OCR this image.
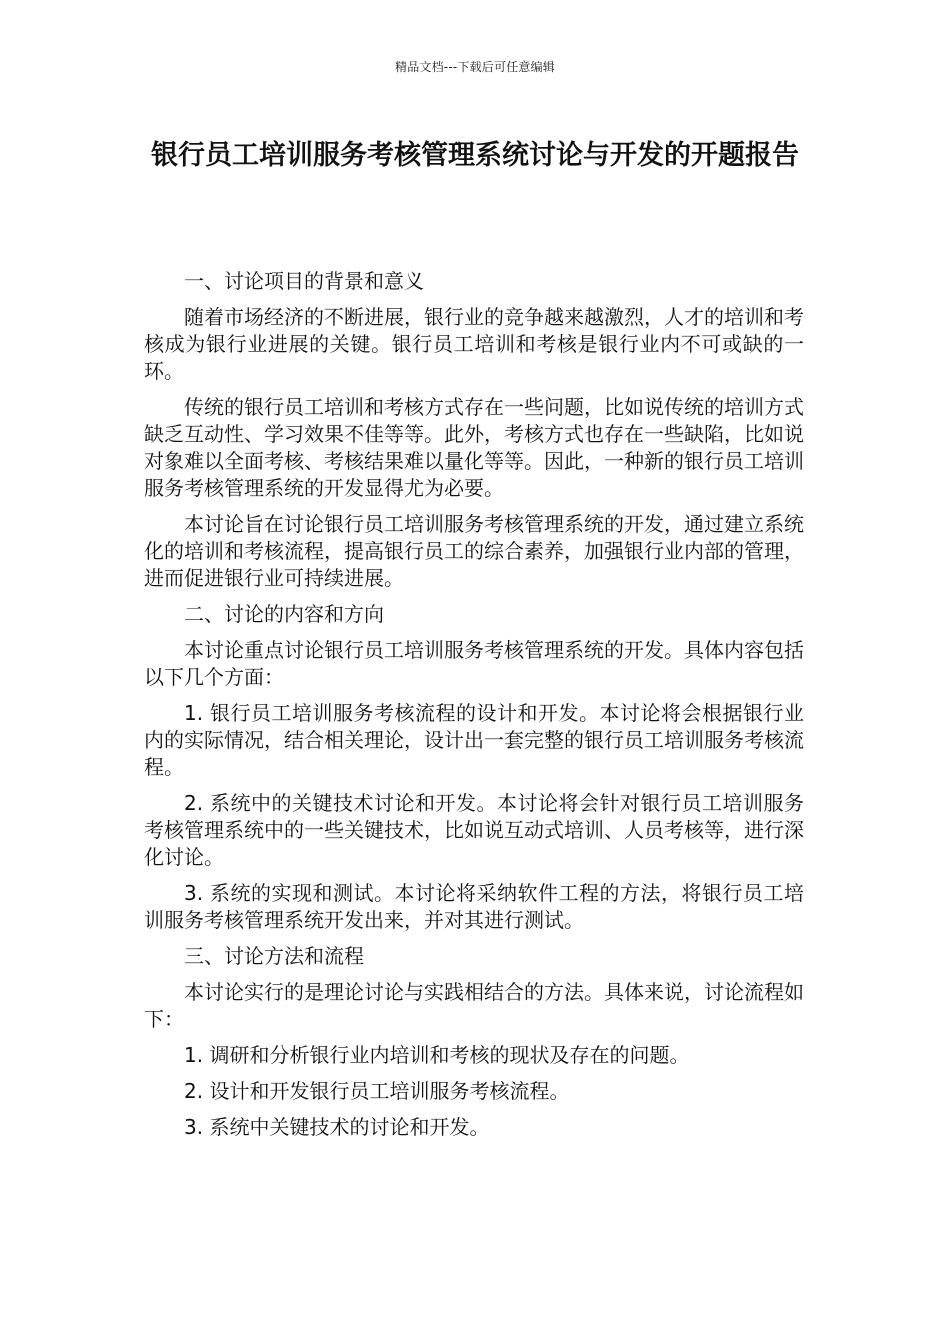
精品文档---下载后可任意编辑
银行员工培训服务考核管理系统讨论与开发的开题报告

一、讨论项目的背景和意义

随着市场经济的不断进展，银行业的竞争越来越激烈，人才的培训和考核成为银行业进展的关键。银行员工培训和考核是银行业内不可或缺的一环。

传统的银行员工培训和考核方式存在一些问题，比如说传统的培训方式缺乏互动性、学习效果不佳等等。此外，考核方式也存在一些缺陷，比如说对象难以全面考核、考核结果难以量化等等。因此，一种新的银行员工培训服务考核管理系统的开发显得尤为必要。

本讨论旨在讨论银行员工培训服务考核管理系统的开发，通过建立系统化的培训和考核流程，提高银行员工的综合素养，加强银行业内部的管理，进而促进银行业可持续进展。

二、讨论的内容和方向

本讨论重点讨论银行员工培训服务考核管理系统的开发。具体内容包括以下几个方面：

1. 银行员工培训服务考核流程的设计和开发。本讨论将会根据银行业内的实际情况，结合相关理论，设计出一套完整的银行员工培训服务考核流程。

2. 系统中的关键技术讨论和开发。本讨论将会针对银行员工培训服务考核管理系统中的一些关键技术，比如说互动式培训、人员考核等，进行深化讨论。

3. 系统的实现和测试。本讨论将采纳软件工程的方法，将银行员工培训服务考核管理系统开发出来，并对其进行测试。

三、讨论方法和流程

本讨论实行的是理论讨论与实践相结合的方法。具体来说，讨论流程如下：

1. 调研和分析银行业内培训和考核的现状及存在的问题。

2. 设计和开发银行员工培训服务考核流程。

3. 系统中关键技术的讨论和开发。
